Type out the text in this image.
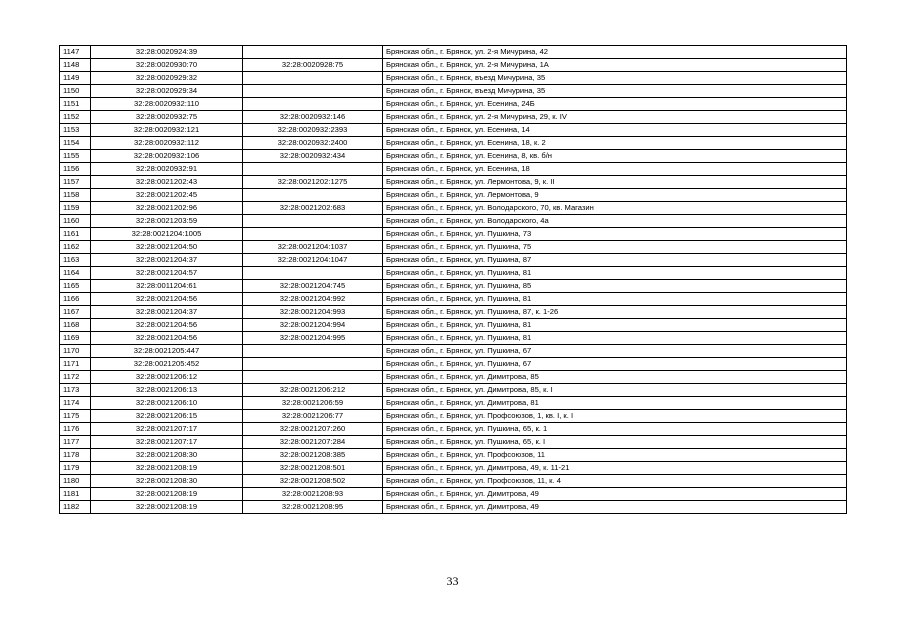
1147	32:28:0020924:39		Брянская обл., г. Брянск, ул. 2-я Мичурина, 42
1148	32:28:0020930:70	32:28:0020928:75	Брянская обл., г. Брянск, ул. 2-я Мичурина, 1А
1149	32:28:0020929:32		Брянская обл., г. Брянск, въезд Мичурина, 35
1150	32:28:0020929:34		Брянская обл., г. Брянск, въезд Мичурина, 35
1151	32:28:0020932:110		Брянская обл., г. Брянск, ул. Есенина, 24Б
1152	32:28:0020932:75	32:28:0020932:146	Брянская обл., г. Брянск, ул. 2-я Мичурина, 29, к. IV
1153	32:28:0020932:121	32:28:0020932:2393	Брянская обл., г. Брянск, ул. Есенина, 14
1154	32:28:0020932:112	32:28:0020932:2400	Брянская обл., г. Брянск, ул. Есенина, 18, к. 2
1155	32:28:0020932:106	32:28:0020932:434	Брянская обл., г. Брянск, ул. Есенина, 8, кв. б/н
1156	32:28:0020932:91		Брянская обл., г. Брянск, ул. Есенина, 18
1157	32:28:0021202:43	32:28:0021202:1275	Брянская обл., г. Брянск, ул. Лермонтова, 9, к. II
1158	32:28:0021202:45		Брянская обл., г. Брянск, ул. Лермонтова, 9
1159	32:28:0021202:96	32:28:0021202:683	Брянская обл., г. Брянск, ул. Володарского, 70, кв. Магазин
1160	32:28:0021203:59		Брянская обл., г. Брянск, ул. Володарского, 4а
1161	32:28:0021204:1005		Брянская обл., г. Брянск, ул. Пушкина, 73
1162	32:28:0021204:50	32:28:0021204:1037	Брянская обл., г. Брянск, ул. Пушкина, 75
1163	32:28:0021204:37	32:28:0021204:1047	Брянская обл., г. Брянск, ул. Пушкина, 87
1164	32:28:0021204:57		Брянская обл., г. Брянск, ул. Пушкина, 81
1165	32:28:0011204:61	32:28:0021204:745	Брянская обл., г. Брянск, ул. Пушкина, 85
1166	32:28:0021204:56	32:28:0021204:992	Брянская обл., г. Брянск, ул. Пушкина, 81
1167	32:28:0021204:37	32:28:0021204:993	Брянская обл., г. Брянск, ул. Пушкина, 87, к. 1-26
1168	32:28:0021204:56	32:28:0021204:994	Брянская обл., г. Брянск, ул. Пушкина, 81
1169	32:28:0021204:56	32:28:0021204:995	Брянская обл., г. Брянск, ул. Пушкина, 81
1170	32:28:0021205:447		Брянская обл., г. Брянск, ул. Пушкина, 67
1171	32:28:0021205:452		Брянская обл., г. Брянск, ул. Пушкина, 67
1172	32:28:0021206:12		Брянская обл., г. Брянск, ул. Димитрова, 85
1173	32:28:0021206:13	32:28:0021206:212	Брянская обл., г. Брянск, ул. Димитрова, 85, к. I
1174	32:28:0021206:10	32:28:0021206:59	Брянская обл., г. Брянск, ул. Димитрова, 81
1175	32:28:0021206:15	32:28:0021206:77	Брянская обл., г. Брянск, ул. Профсоюзов, 1, кв. I, к. I
1176	32:28:0021207:17	32:28:0021207:260	Брянская обл., г. Брянск, ул. Пушкина, 65, к. 1
1177	32:28:0021207:17	32:28:0021207:284	Брянская обл., г. Брянск, ул. Пушкина, 65, к. I
1178	32:28:0021208:30	32:28:0021208:385	Брянская обл., г. Брянск, ул. Профсоюзов, 11
1179	32:28:0021208:19	32:28:0021208:501	Брянская обл., г. Брянск, ул. Димитрова, 49, к. 11-21
1180	32:28:0021208:30	32:28:0021208:502	Брянская обл., г. Брянск, ул. Профсоюзов, 11, к. 4
1181	32:28:0021208:19	32:28:0021208:93	Брянская обл., г. Брянск, ул. Димитрова, 49
1182	32:28:0021208:19	32:28:0021208:95	Брянская обл., г. Брянск, ул. Димитрова, 49
33
